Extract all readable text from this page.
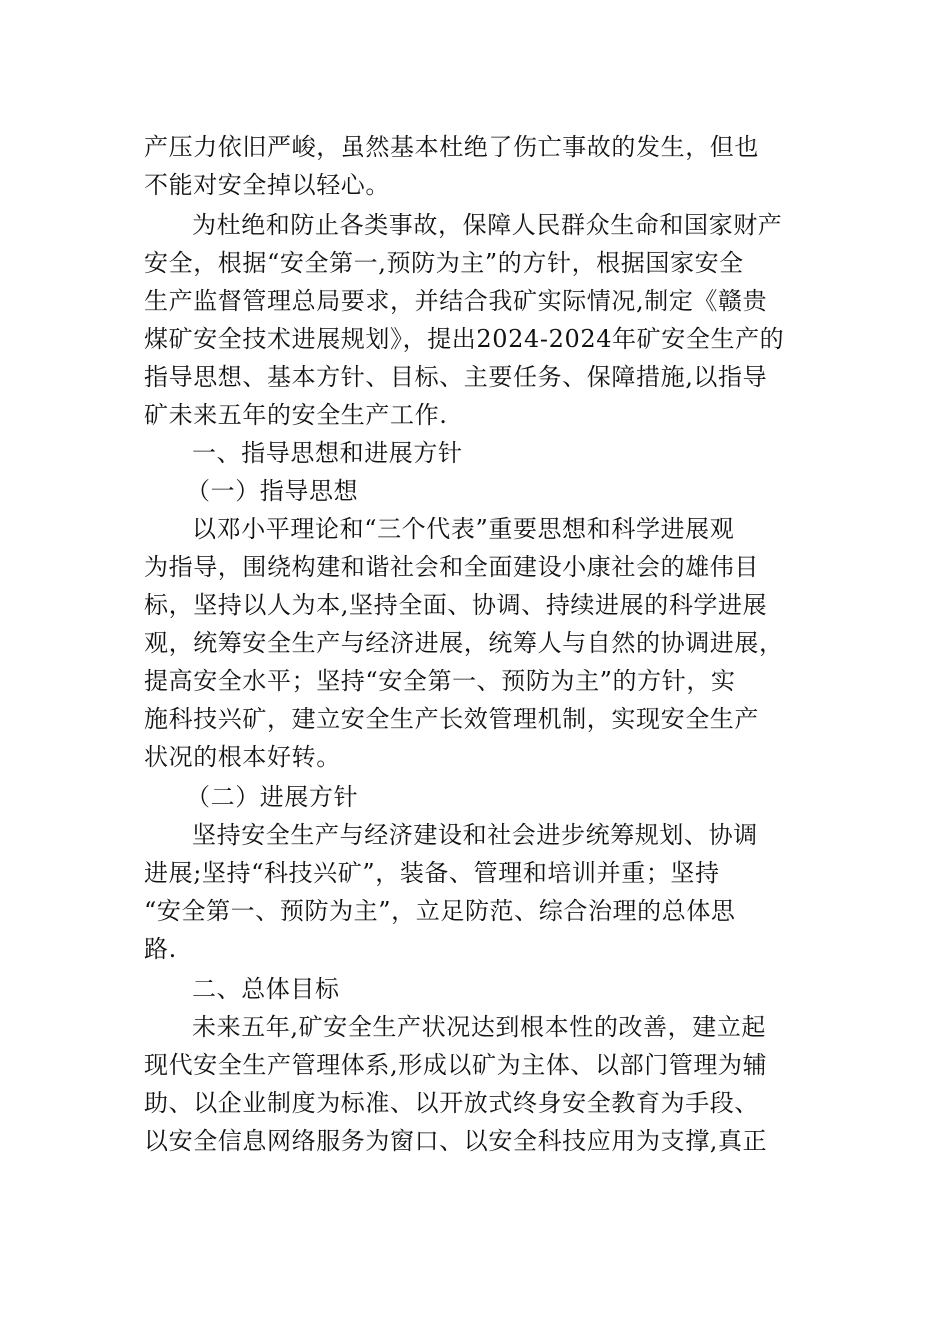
产压力依旧严峻，虽然基本杜绝了伤亡事故的发生，但也
不能对安全掉以轻心。
为杜绝和防止各类事故，保障人民群众生命和国家财产
安全，根据“安全第一,预防为主”的方针，根据国家安全
生产监督管理总局要求，并结合我矿实际情况,制定《赣贵
煤矿安全技术进展规划》，提出2024-2024年矿安全生产的
指导思想、基本方针、目标、主要任务、保障措施,以指导
矿未来五年的安全生产工作.
一、指导思想和进展方针
（一）指导思想
以邓小平理论和“三个代表”重要思想和科学进展观
为指导，围绕构建和谐社会和全面建设小康社会的雄伟目
标，坚持以人为本,坚持全面、协调、持续进展的科学进展
观，统筹安全生产与经济进展，统筹人与自然的协调进展，
提高安全水平；坚持“安全第一、预防为主”的方针，实
施科技兴矿，建立安全生产长效管理机制，实现安全生产
状况的根本好转。
（二）进展方针
坚持安全生产与经济建设和社会进步统筹规划、协调
进展;坚持“科技兴矿”，装备、管理和培训并重；坚持
“安全第一、预防为主”，立足防范、综合治理的总体思
路.
二、总体目标
未来五年,矿安全生产状况达到根本性的改善，建立起
现代安全生产管理体系,形成以矿为主体、以部门管理为辅
助、以企业制度为标准、以开放式终身安全教育为手段、
以安全信息网络服务为窗口、以安全科技应用为支撑,真正
